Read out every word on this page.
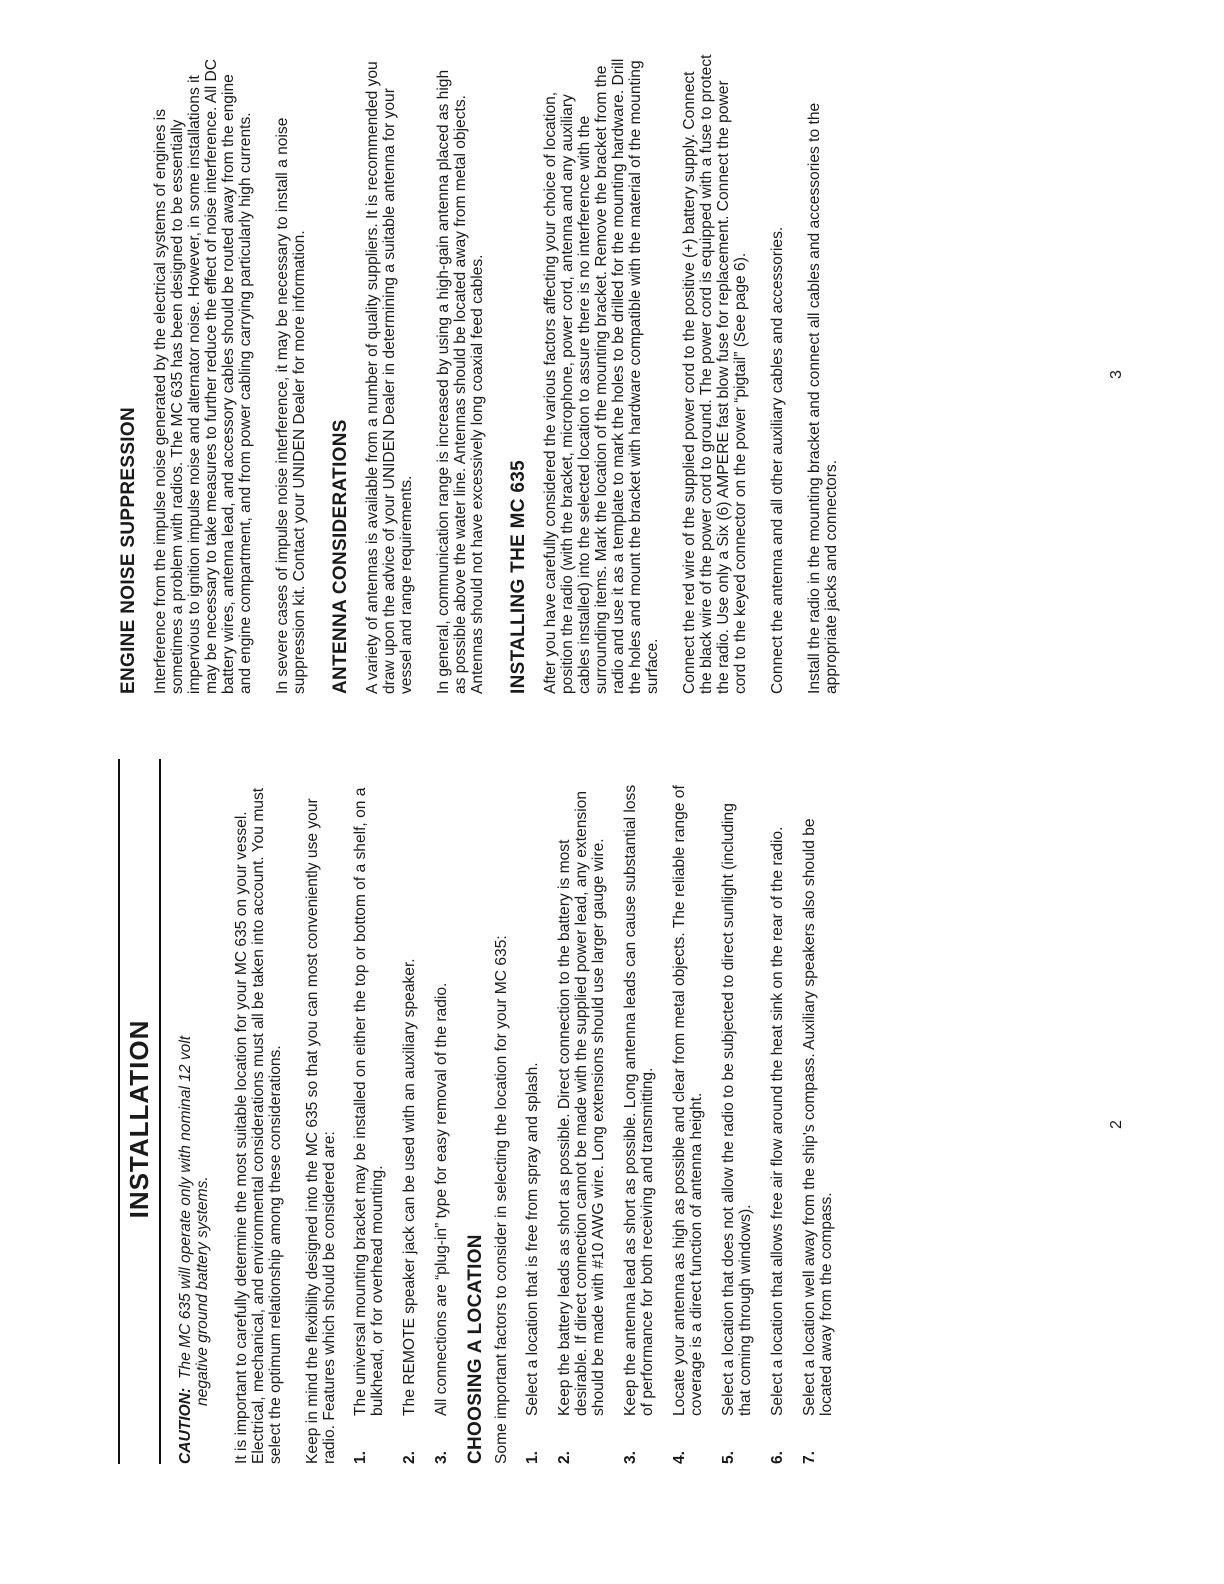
INSTALLATION
CAUTION:  The MC 635 will operate only with nominal 12 volt negative ground battery systems. It is important to carefully determine the most suitable location for your MC 635 on your vessel. Electrical, mechanical, and environmental considerations must all be taken into account. You must select the optimum relationship among these considerations. Keep in mind the flexibility designed into the MC 635 so that you can most conveniently use your radio. Features which should be considered are: 1.
The universal mounting bracket may be installed on either the top or bottom of a shelf, on a bulkhead, or for overhead mounting.
2.
The REMOTE speaker jack can be used with an auxiliary speaker.
3.
All connections are “plug-in” type for easy removal of the radio. CHOOSING A LOCATION Some important factors to consider in selecting the location for your MC 635: 1.
Select a location that is free from spray and splash.
2.
Keep the battery leads as short as possible. Direct connection to the battery is most desirable. If direct connection cannot be made with the supplied power lead, any extension should be made with #10 AWG wire. Long extensions should use larger gauge wire.
3.
Keep the antenna lead as short as possible. Long antenna leads can cause substantial loss of performance for both receiving and transmitting.
4.
Locate your antenna as high as possible and clear from metal objects. The reliable range of coverage is a direct function of antenna height.
5.
Select a location that does not allow the radio to be subjected to direct sunlight (including that coming through windows).
6.
Select a location that allows free air flow around the heat sink on the rear of the radio.
7.
Select a location well away from the ship's compass. Auxiliary speakers also should be located away from the compass.
2
ENGINE NOISE SUPPRESSION Interference from the impulse noise generated by the electrical systems of engines is sometimes a problem with radios. The MC 635 has been designed to be essentially impervious to ignition impulse noise and alternator noise. However, in some installations it may be necessary to take measures to further reduce the effect of noise interference. All DC battery wires, antenna lead, and accessory cables should be routed away from the engine and engine compartment, and from power cabling carrying particularly high currents. In severe cases of impulse noise interference, it may be necessary to install a noise suppression kit. Contact your UNIDEN Dealer for more information. ANTENNA CONSIDERATIONS A variety of antennas is available from a number of quality suppliers. It is recommended you draw upon the advice of your UNIDEN Dealer in determining a suitable antenna for your vessel and range requirements. In general, communication range is increased by using a high-gain antenna placed as high as possible above the water line. Antennas should be located away from metal objects. Antennas should not have excessively long coaxial feed cables. INSTALLING THE MC 635 After you have carefully considered the various factors affecting your choice of location, position the radio (with the bracket, microphone, power cord, antenna and any auxiliary cables installed) into the selected location to assure there is no interference with the surrounding items. Mark the location of the mounting bracket. Remove the bracket from the radio and use it as a template to mark the holes to be drilled for the mounting hardware. Drill the holes and mount the bracket with hardware compatible with the material of the mounting surface. Connect the red wire of the supplied power cord to the positive (+) battery supply. Connect the black wire of the power cord to ground. The power cord is equipped with a fuse to protect the radio. Use only a Six (6) AMPERE fast blow fuse for replacement. Connect the power cord to the keyed connector on the power “pigtail” (See page 6). Connect the antenna and all other auxiliary cables and accessories. Install the radio in the mounting bracket and connect all cables and accessories to the appropriate jacks and connectors.

3
